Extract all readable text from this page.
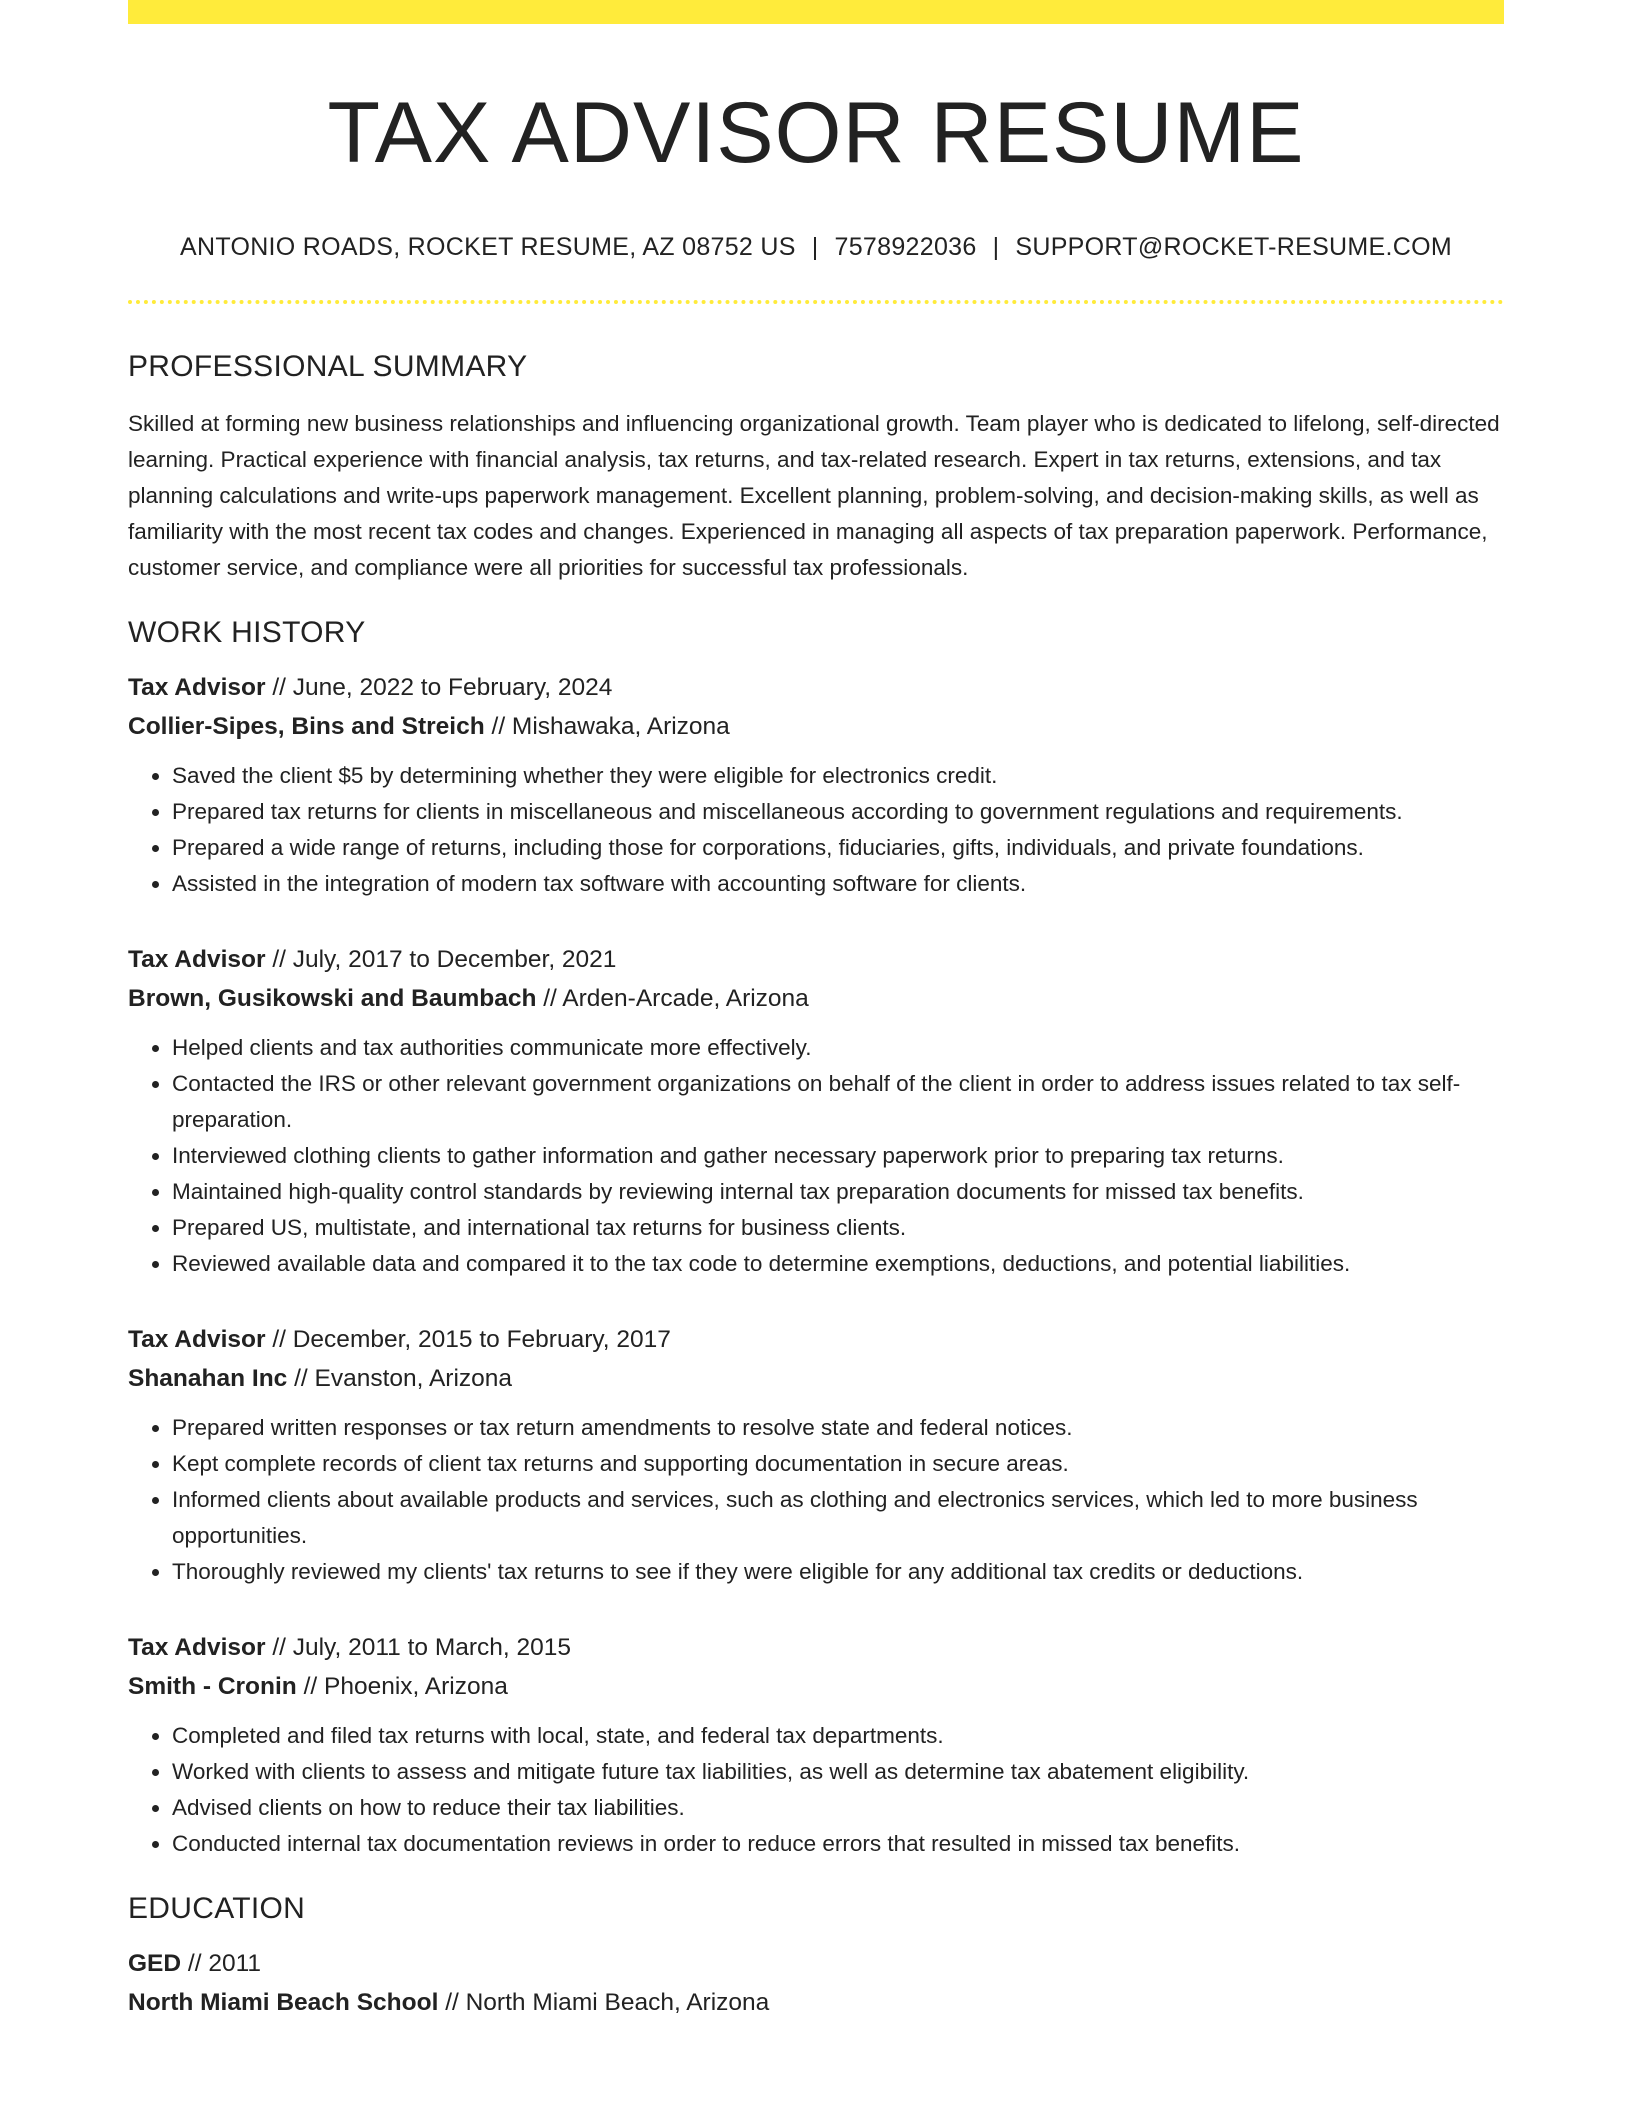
TAX ADVISOR RESUME
ANTONIO ROADS, ROCKET RESUME, AZ 08752 US | 7578922036 | SUPPORT@ROCKET-RESUME.COM
PROFESSIONAL SUMMARY

Skilled at forming new business relationships and influencing organizational growth. Team player who is dedicated to lifelong, self-directed learning. Practical experience with financial analysis, tax returns, and tax-related research. Expert in tax returns, extensions, and tax planning calculations and write-ups paperwork management. Excellent planning, problem-solving, and decision-making skills, as well as familiarity with the most recent tax codes and changes. Experienced in managing all aspects of tax preparation paperwork. Performance, customer service, and compliance were all priorities for successful tax professionals.

WORK HISTORY
Tax Advisor // June, 2022 to February, 2024
Collier-Sipes, Bins and Streich // Mishawaka, Arizona
• Saved the client $5 by determining whether they were eligible for electronics credit.
• Prepared tax returns for clients in miscellaneous and miscellaneous according to government regulations and requirements.
• Prepared a wide range of returns, including those for corporations, fiduciaries, gifts, individuals, and private foundations.
• Assisted in the integration of modern tax software with accounting software for clients.
Tax Advisor // July, 2017 to December, 2021
Brown, Gusikowski and Baumbach // Arden-Arcade, Arizona
• Helped clients and tax authorities communicate more effectively.
• Contacted the IRS or other relevant government organizations on behalf of the client in order to address issues related to tax self-preparation.
• Interviewed clothing clients to gather information and gather necessary paperwork prior to preparing tax returns.
• Maintained high-quality control standards by reviewing internal tax preparation documents for missed tax benefits.
• Prepared US, multistate, and international tax returns for business clients.
• Reviewed available data and compared it to the tax code to determine exemptions, deductions, and potential liabilities.
Tax Advisor // December, 2015 to February, 2017
Shanahan Inc // Evanston, Arizona
• Prepared written responses or tax return amendments to resolve state and federal notices.
• Kept complete records of client tax returns and supporting documentation in secure areas.
• Informed clients about available products and services, such as clothing and electronics services, which led to more business opportunities.
• Thoroughly reviewed my clients' tax returns to see if they were eligible for any additional tax credits or deductions.
Tax Advisor // July, 2011 to March, 2015
Smith - Cronin // Phoenix, Arizona
• Completed and filed tax returns with local, state, and federal tax departments.
• Worked with clients to assess and mitigate future tax liabilities, as well as determine tax abatement eligibility.
• Advised clients on how to reduce their tax liabilities.
• Conducted internal tax documentation reviews in order to reduce errors that resulted in missed tax benefits.
EDUCATION
GED // 2011
North Miami Beach School // North Miami Beach, Arizona
